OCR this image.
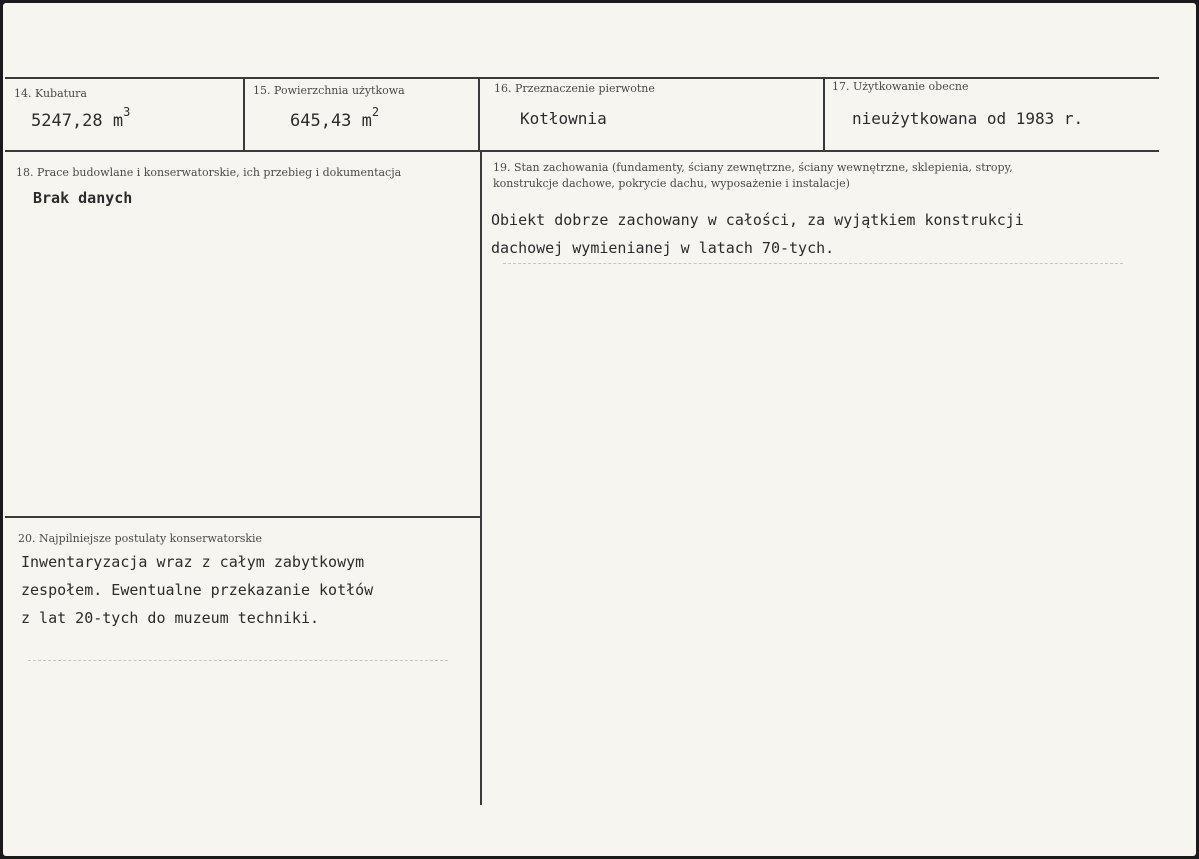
14. Kubatura
5247,28 $m^3$
15. Powierzchnia użytkowa
645,43 $m^2$
16. Przeznaczenie pierwotne
Kotłownia
17. Użytkowanie obecne
nieużytkowana od 1983 r.
18. Prace budowlane i konserwatorskie, ich przebieg i dokumentacja
Brak danych
19. Stan zachowania (fundamenty, ściany zewnętrzne, ściany wewnętrzne, sklepienia, stropy, konstrukcje dachowe, pokrycie dachu, wyposażenie i instalacje)
Obiekt dobrze zachowany w całości, za wyjątkiem konstrukcji
dachowej wymienianej w latach 70-tych.
20. Najpilniejsze postulaty konserwatorskie
Inwentaryzacja wraz z całym zabytkowym
zespołem. Ewentualne przekazanie kotłów
z lat 20-tych do muzeum techniki.
